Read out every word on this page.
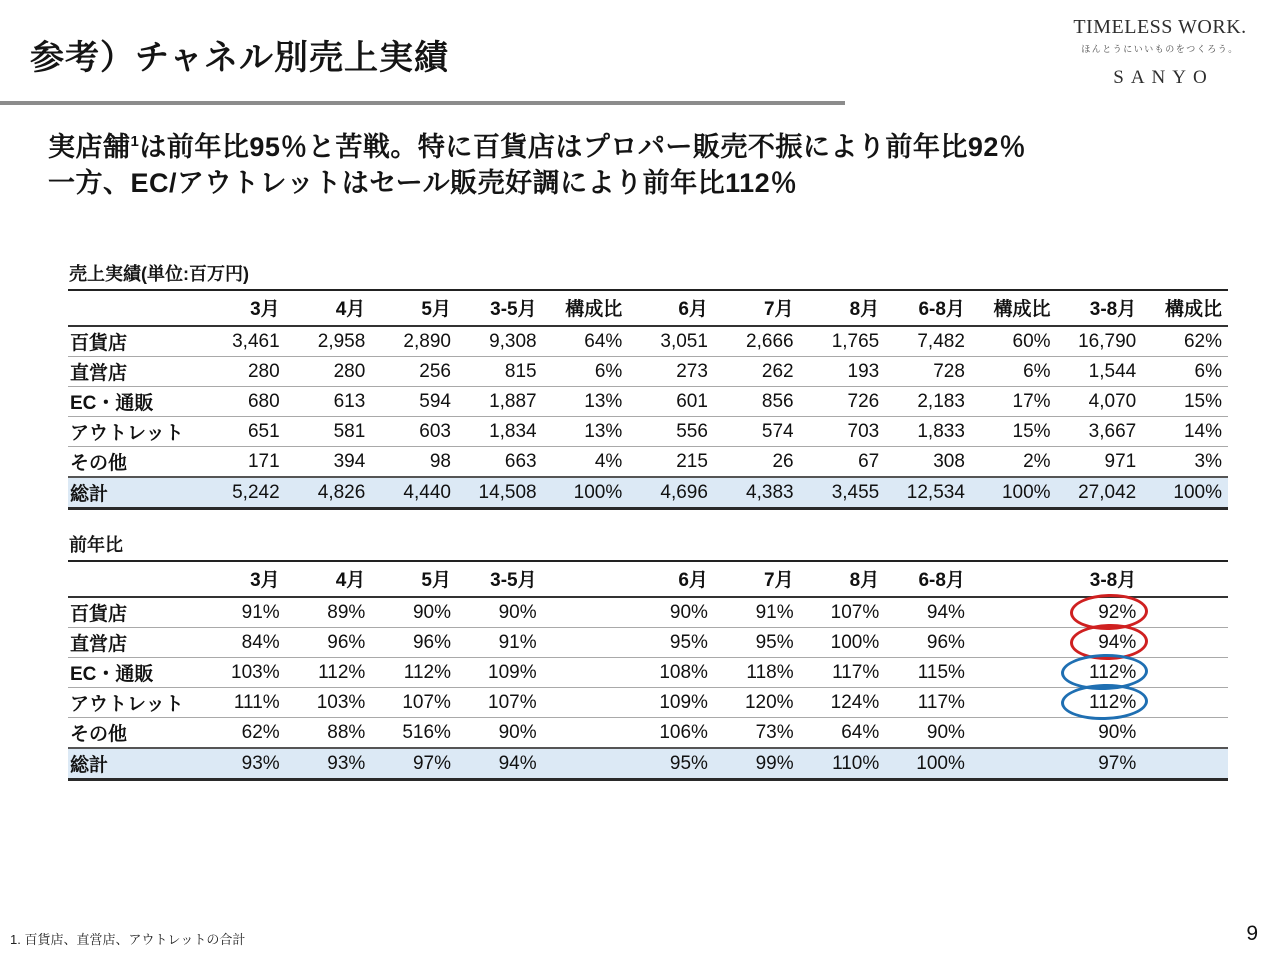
参考）チャネル別売上実績
TIMELESS WORK.
ほんとうにいいものをつくろう。
SANYO
実店舗$^1$は前年比95％と苦戦。特に百貨店はプロパー販売不振により前年比92％
一方、EC/アウトレットはセール販売好調により前年比112％
売上実績(単位:百万円)
	3月	4月	5月	3-5月	構成比	6月	7月	8月	6-8月	構成比	3-8月	構成比
百貨店	3,461	2,958	2,890	9,308	64%	3,051	2,666	1,765	7,482	60%	16,790	62%
直営店	280	280	256	815	6%	273	262	193	728	6%	1,544	6%
EC・通販	680	613	594	1,887	13%	601	856	726	2,183	17%	4,070	15%
アウトレット	651	581	603	1,834	13%	556	574	703	1,833	15%	3,667	14%
その他	171	394	98	663	4%	215	26	67	308	2%	971	3%
総計	5,242	4,826	4,440	14,508	100%	4,696	4,383	3,455	12,534	100%	27,042	100%
前年比
	3月	4月	5月	3-5月		6月	7月	8月	6-8月		3-8月	
百貨店	91%	89%	90%	90%		90%	91%	107%	94%		92%	
直営店	84%	96%	96%	91%		95%	95%	100%	96%		94%	
EC・通販	103%	112%	112%	109%		108%	118%	117%	115%		112%	
アウトレット	111%	103%	107%	107%		109%	120%	124%	117%		112%	
その他	62%	88%	516%	90%		106%	73%	64%	90%		90%	
総計	93%	93%	97%	94%		95%	99%	110%	100%		97%	
1. 百貨店、直営店、アウトレットの合計	9
